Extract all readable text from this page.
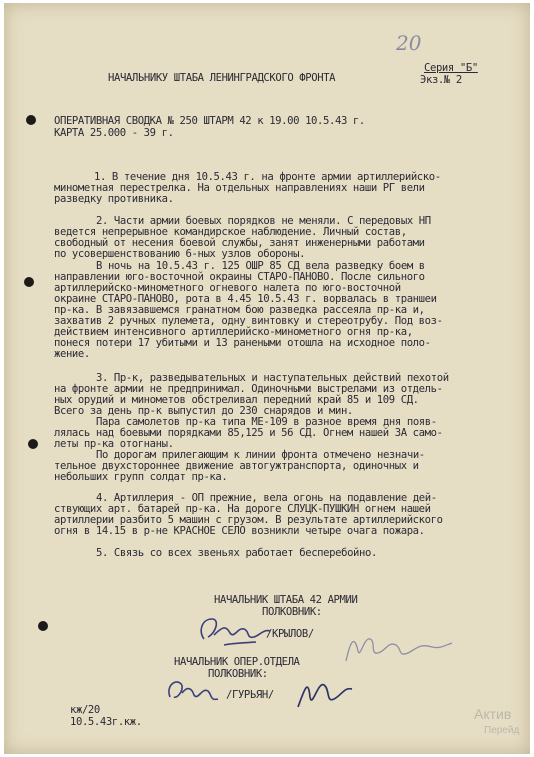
20
НАЧАЛЬНИКУ ШТАБА ЛЕНИНГРАДСКОГО ФРОНТА
Серия "Б"
Экз.№ 2
ОПЕРАТИВНАЯ СВОДКА № 250 ШТАРМ 42 к 19.00 10.5.43 г.
КАРТА 25.000 - 39 г.
1. В течение дня 10.5.43 г. на фронте армии артиллерийско-
минометная перестрелка. На отдельных направлениях наши РГ вели
разведку противника.
2. Части армии боевых порядков не меняли. С передовых НП
ведется непрерывное командирское наблюдение. Личный состав,
свободный от несения боевой службы, занят инженерными работами
по усовершенствованию 6-ных узлов обороны.
В ночь на 10.5.43 г. 125 ОШР 85 СД вела разведку боем в
направлении юго-восточной окраины СТАРО-ПАНОВО. После сильного
артиллерийско-минометного огневого налета по юго-восточной
окраине СТАРО-ПАНОВО, рота в 4.45 10.5.43 г. ворвалась в траншеи
пр-ка. В завязавшемся гранатном бою разведка рассеяла пр-ка и,
захватив 2 ручных пулемета, одну винтовку и стереотрубу. Под воз-
действием интенсивного артиллерийско-минометного огня пр-ка,
понеся потери 17 убитыми и 13 ранеными отошла на исходное поло-
жение.
3. Пр-к, разведывательных и наступательных действий пехотой
на фронте армии не предпринимал. Одиночными выстрелами из отдель-
ных орудий и минометов обстреливал передний край 85 и 109 СД.
Всего за день пр-к выпустил до 230 снарядов и мин.
Пара самолетов пр-ка типа МЕ-109 в разное время дня появ-
лялась над боевыми порядками 85,125 и 56 СД. Огнем нашей ЗА само-
леты пр-ка отогнаны.
По дорогам прилегающим к линии фронта отмечено незначи-
тельное двухстороннее движение автогужтранспорта, одиночных и
небольших групп солдат пр-ка.
4. Артиллерия - ОП прежние, вела огонь на подавление дей-
ствующих арт. батарей пр-ка. На дороге СЛУЦК-ПУШКИН огнем нашей
артиллерии разбито 5 машин с грузом. В результате артиллерийского
огня в 14.15 в р-не КРАСНОЕ СЕЛО возникли четыре очага пожара.
5. Связь со всех звеньях работает бесперебойно.
НАЧАЛЬНИК ШТАБА 42 АРМИИ
ПОЛКОВНИК:
/КРЫЛОВ/
НАЧАЛЬНИК ОПЕР.ОТДЕЛА
ПОЛКОВНИК:
/ГУРЬЯН/
кж/20
10.5.43г.кж.	Актив
Перейд
